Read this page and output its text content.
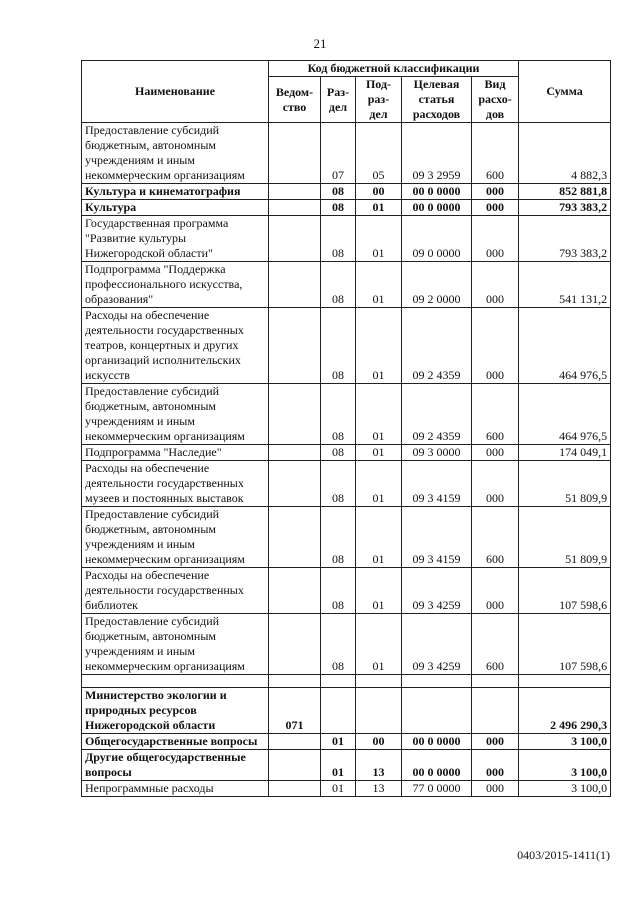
21
Наименование	Код бюджетной классификации					Сумма
	Ведом-ство	Раз-дел	Под-раз-дел	Целевая статья расходов	Вид расхо-дов	
Предоставление субсидий бюджетным, автономным учреждениям и иным некоммерческим организациям		07	05	09 3 2959	600	4 882,3
Культура и кинематография		08	00	00 0 0000	000	852 881,8
Культура		08	01	00 0 0000	000	793 383,2
Государственная программа "Развитие культуры Нижегородской области"		08	01	09 0 0000	000	793 383,2
Подпрограмма "Поддержка профессионального искусства, образования"		08	01	09 2 0000	000	541 131,2
Расходы на обеспечение деятельности государственных театров, концертных и других организаций исполнительских искусств		08	01	09 2 4359	000	464 976,5
Предоставление субсидий бюджетным, автономным учреждениям и иным некоммерческим организациям		08	01	09 2 4359	600	464 976,5
Подпрограмма "Наследие"		08	01	09 3 0000	000	174 049,1
Расходы на обеспечение деятельности государственных музеев и постоянных выставок		08	01	09 3 4159	000	51 809,9
Предоставление субсидий бюджетным, автономным учреждениям и иным некоммерческим организациям		08	01	09 3 4159	600	51 809,9
Расходы на обеспечение деятельности государственных библиотек		08	01	09 3 4259	000	107 598,6
Предоставление субсидий бюджетным, автономным учреждениям и иным некоммерческим организациям		08	01	09 3 4259	600	107 598,6

Министерство экологии и природных ресурсов Нижегородской области	071					2 496 290,3
Общегосударственные вопросы		01	00	00 0 0000	000	3 100,0
Другие общегосударственные вопросы		01	13	00 0 0000	000	3 100,0
Непрограммные расходы		01	13	77 0 0000	000	3 100,0
0403/2015-1411(1)
